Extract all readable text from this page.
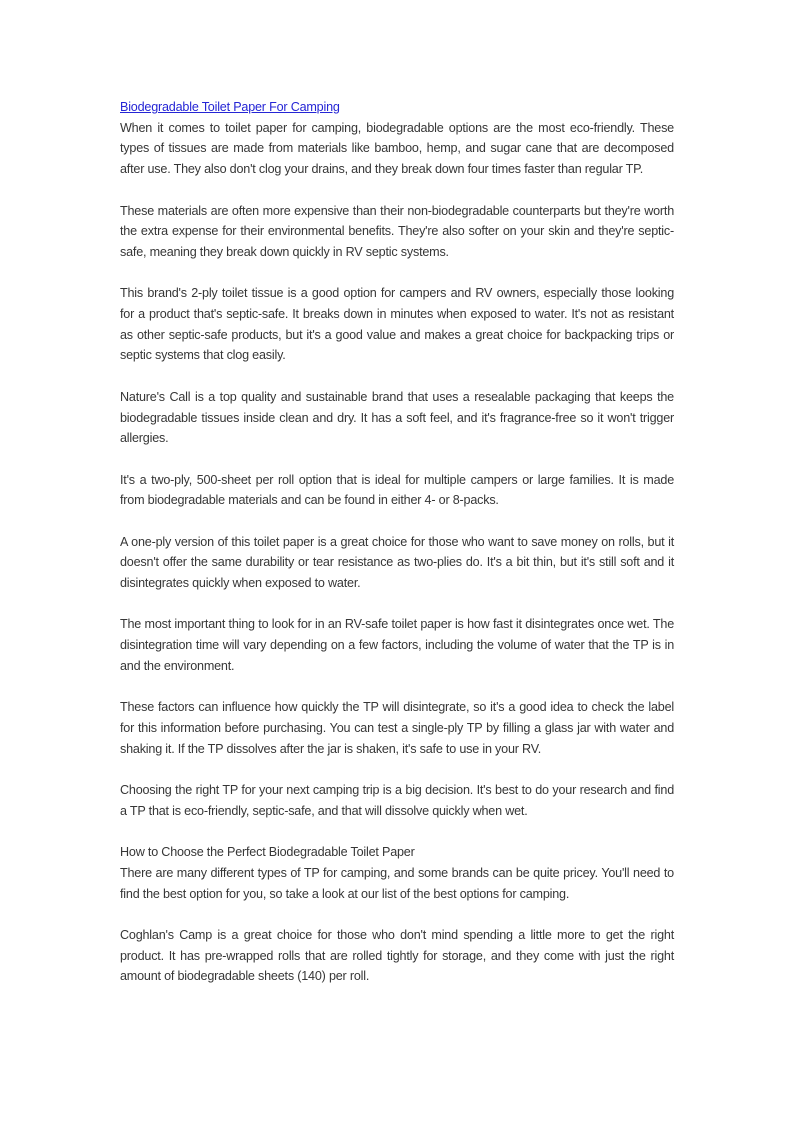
Biodegradable Toilet Paper For Camping

When it comes to toilet paper for camping, biodegradable options are the most eco-friendly. These types of tissues are made from materials like bamboo, hemp, and sugar cane that are decomposed after use. They also don't clog your drains, and they break down four times faster than regular TP.

These materials are often more expensive than their non-biodegradable counterparts but they're worth the extra expense for their environmental benefits. They're also softer on your skin and they're septic-safe, meaning they break down quickly in RV septic systems.

This brand's 2-ply toilet tissue is a good option for campers and RV owners, especially those looking for a product that's septic-safe. It breaks down in minutes when exposed to water. It's not as resistant as other septic-safe products, but it's a good value and makes a great choice for backpacking trips or septic systems that clog easily.

Nature's Call is a top quality and sustainable brand that uses a resealable packaging that keeps the biodegradable tissues inside clean and dry. It has a soft feel, and it's fragrance-free so it won't trigger allergies.

It's a two-ply, 500-sheet per roll option that is ideal for multiple campers or large families. It is made from biodegradable materials and can be found in either 4- or 8-packs.

A one-ply version of this toilet paper is a great choice for those who want to save money on rolls, but it doesn't offer the same durability or tear resistance as two-plies do. It's a bit thin, but it's still soft and it disintegrates quickly when exposed to water.

The most important thing to look for in an RV-safe toilet paper is how fast it disintegrates once wet. The disintegration time will vary depending on a few factors, including the volume of water that the TP is in and the environment.

These factors can influence how quickly the TP will disintegrate, so it's a good idea to check the label for this information before purchasing. You can test a single-ply TP by filling a glass jar with water and shaking it. If the TP dissolves after the jar is shaken, it's safe to use in your RV.

Choosing the right TP for your next camping trip is a big decision. It's best to do your research and find a TP that is eco-friendly, septic-safe, and that will dissolve quickly when wet.

How to Choose the Perfect Biodegradable Toilet Paper

There are many different types of TP for camping, and some brands can be quite pricey. You'll need to find the best option for you, so take a look at our list of the best options for camping.

Coghlan's Camp is a great choice for those who don't mind spending a little more to get the right product. It has pre-wrapped rolls that are rolled tightly for storage, and they come with just the right amount of biodegradable sheets (140) per roll.
